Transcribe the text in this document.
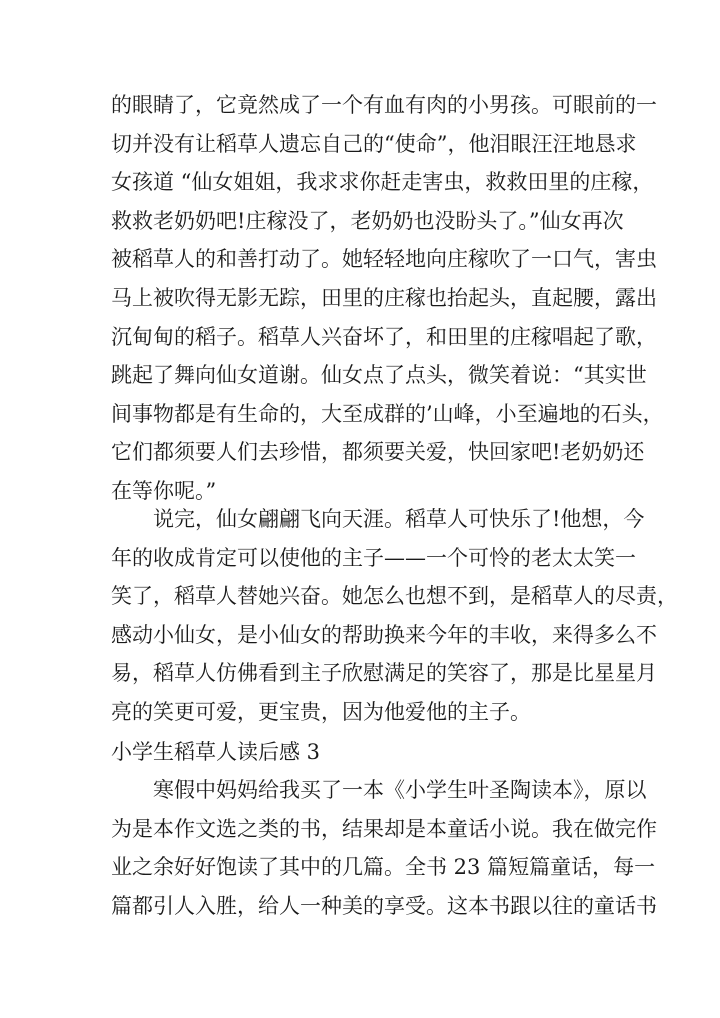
的眼睛了，它竟然成了一个有血有肉的小男孩。可眼前的一
切并没有让稻草人遗忘自己的“使命”，他泪眼汪汪地恳求
女孩道 “仙女姐姐，我求求你赶走害虫，救救田里的庄稼，
救救老奶奶吧!庄稼没了，老奶奶也没盼头了。”仙女再次
被稻草人的和善打动了。她轻轻地向庄稼吹了一口气，害虫
马上被吹得无影无踪，田里的庄稼也抬起头，直起腰，露出
沉甸甸的稻子。稻草人兴奋坏了，和田里的庄稼唱起了歌，
跳起了舞向仙女道谢。仙女点了点头，微笑着说：“其实世
间事物都是有生命的，大至成群的’山峰，小至遍地的石头，
它们都须要人们去珍惜，都须要关爱，快回家吧!老奶奶还
在等你呢。”
说完，仙女翩翩飞向天涯。稻草人可快乐了!他想，今
年的收成肯定可以使他的主子——一个可怜的老太太笑一
笑了，稻草人替她兴奋。她怎么也想不到，是稻草人的尽责，
感动小仙女，是小仙女的帮助换来今年的丰收，来得多么不
易，稻草人仿佛看到主子欣慰满足的笑容了，那是比星星月
亮的笑更可爱，更宝贵，因为他爱他的主子。
小学生稻草人读后感 3
寒假中妈妈给我买了一本《小学生叶圣陶读本》，原以
为是本作文选之类的书，结果却是本童话小说。我在做完作
业之余好好饱读了其中的几篇。全书 23 篇短篇童话，每一
篇都引人入胜，给人一种美的享受。这本书跟以往的童话书
